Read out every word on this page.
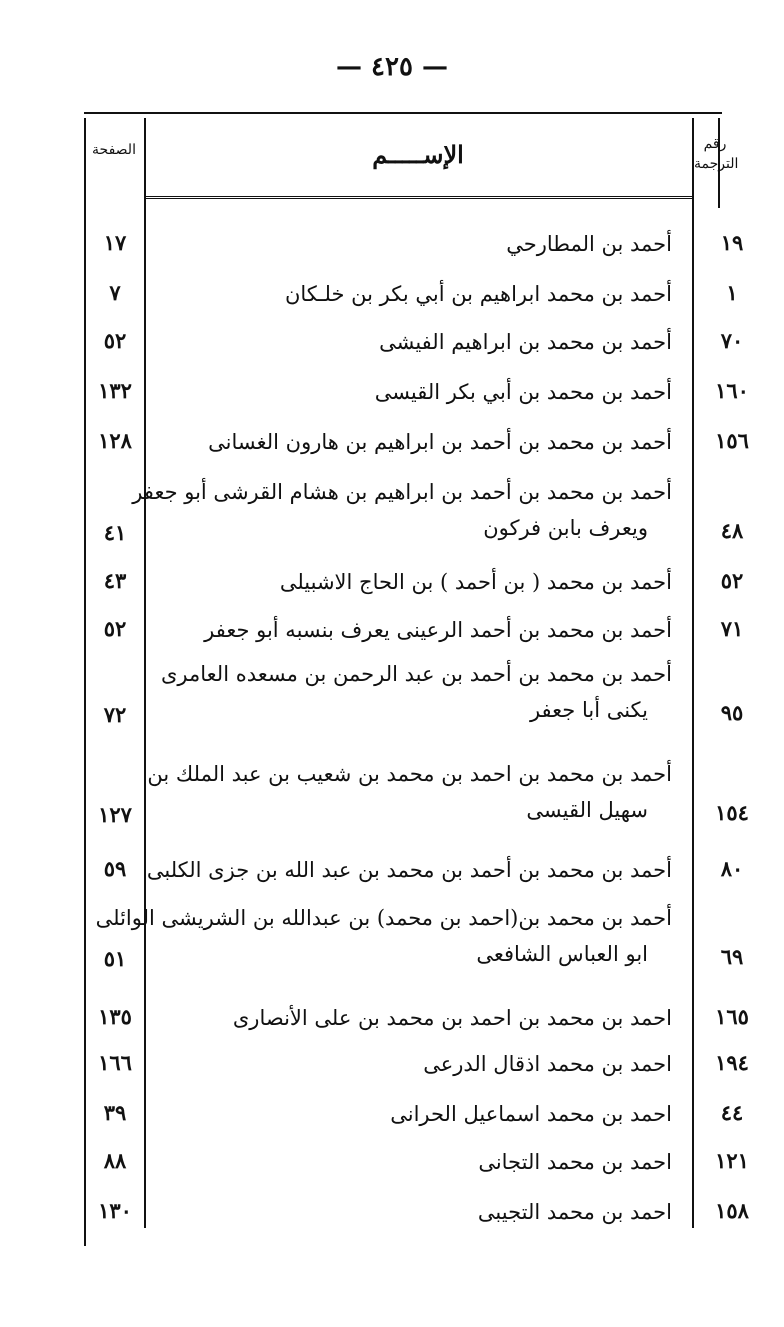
— ٤٢٥ —
الصفحة	الإســـــم	رقم
الترجمة
١٩
أحمد بن المطارحي
١٧
١
أحمد بن محمد ابراهيم بن أبي بكر بن خلـكان
٧
٧٠
أحمد بن محمد بن ابراهيم الفيشى
٥٢
١٦٠
أحمد بن محمد بن أبي بكر القيسى
١٣٢
١٥٦
أحمد بن محمد بن أحمد بن ابراهيم بن هارون الغسانى
١٢٨
٤٨
أحمد بن محمد بن أحمد بن ابراهيم بن هشام القرشى أبو جعفر
ويعرف بابن فركون
٤١
٥٢
أحمد بن محمد ( بن أحمد ) بن الحاج الاشبيلى
٤٣
٧١
أحمد بن محمد بن أحمد الرعينى يعرف بنسبه أبو جعفر
٥٢
٩٥
أحمد بن محمد بن أحمد بن عبد الرحمن بن مسعده العامرى
يكنى أبا جعفر
٧٢
١٥٤
أحمد بن محمد بن احمد بن محمد بن شعيب بن عبد الملك بن
سهيل القيسى
١٢٧
٨٠
أحمد بن محمد بن أحمد بن محمد بن عبد الله بن جزى الكلبى
٥٩
٦٩
أحمد بن محمد بن(احمد بن محمد) بن عبدالله بن الشريشى الوائلى
ابو العباس الشافعى
٥١
١٦٥
احمد بن محمد بن احمد بن محمد بن على الأنصارى
١٣٥
١٩٤
احمد بن محمد اذقال الدرعى
١٦٦
٤٤
احمد بن محمد اسماعيل الحرانى
٣٩
١٢١
احمد بن محمد التجانى
٨٨
١٥٨
احمد بن محمد التجيبى
١٣٠
